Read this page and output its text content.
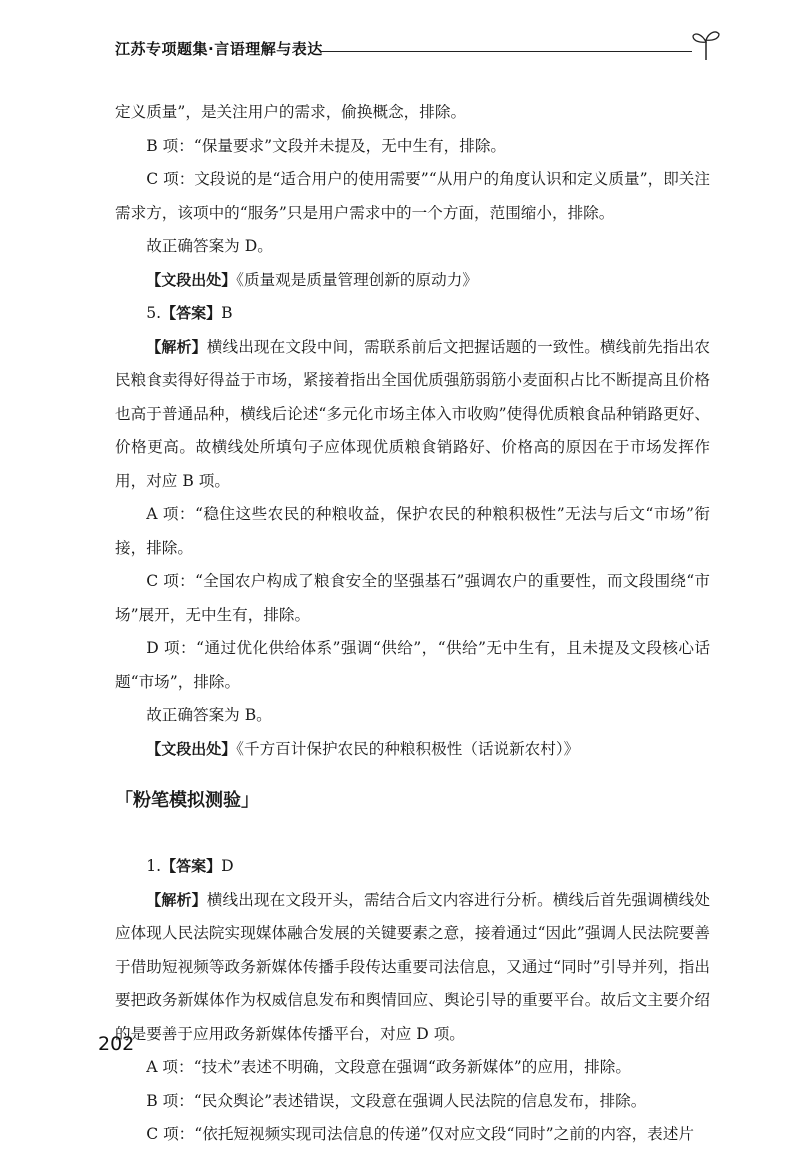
江苏专项题集·言语理解与表达

定义质量”，是关注用户的需求，偷换概念，排除。

B 项：“保量要求”文段并未提及，无中生有，排除。

C 项：文段说的是“适合用户的使用需要”“从用户的角度认识和定义质量”，即关注需求方，该项中的“服务”只是用户需求中的一个方面，范围缩小，排除。

故正确答案为 D。

【文段出处】《质量观是质量管理创新的原动力》

5.【答案】B

【解析】横线出现在文段中间，需联系前后文把握话题的一致性。横线前先指出农民粮食卖得好得益于市场，紧接着指出全国优质强筋弱筋小麦面积占比不断提高且价格也高于普通品种，横线后论述“多元化市场主体入市收购”使得优质粮食品种销路更好、价格更高。故横线处所填句子应体现优质粮食销路好、价格高的原因在于市场发挥作用，对应 B 项。

A 项：“稳住这些农民的种粮收益，保护农民的种粮积极性”无法与后文“市场”衔接，排除。

C 项：“全国农户构成了粮食安全的坚强基石”强调农户的重要性，而文段围绕“市场”展开，无中生有，排除。

D 项：“通过优化供给体系”强调“供给”，“供给”无中生有，且未提及文段核心话题“市场”，排除。

故正确答案为 B。

【文段出处】《千方百计保护农民的种粮积极性（话说新农村）》

「粉笔模拟测验」

1.【答案】D

【解析】横线出现在文段开头，需结合后文内容进行分析。横线后首先强调横线处应体现人民法院实现媒体融合发展的关键要素之意，接着通过“因此”强调人民法院要善于借助短视频等政务新媒体传播手段传达重要司法信息，又通过“同时”引导并列，指出要把政务新媒体作为权威信息发布和舆情回应、舆论引导的重要平台。故后文主要介绍的是要善于应用政务新媒体传播平台，对应 D 项。

A 项：“技术”表述不明确，文段意在强调“政务新媒体”的应用，排除。

B 项：“民众舆论”表述错误，文段意在强调人民法院的信息发布，排除。

C 项：“依托短视频实现司法信息的传递”仅对应文段“同时”之前的内容，表述片

202
